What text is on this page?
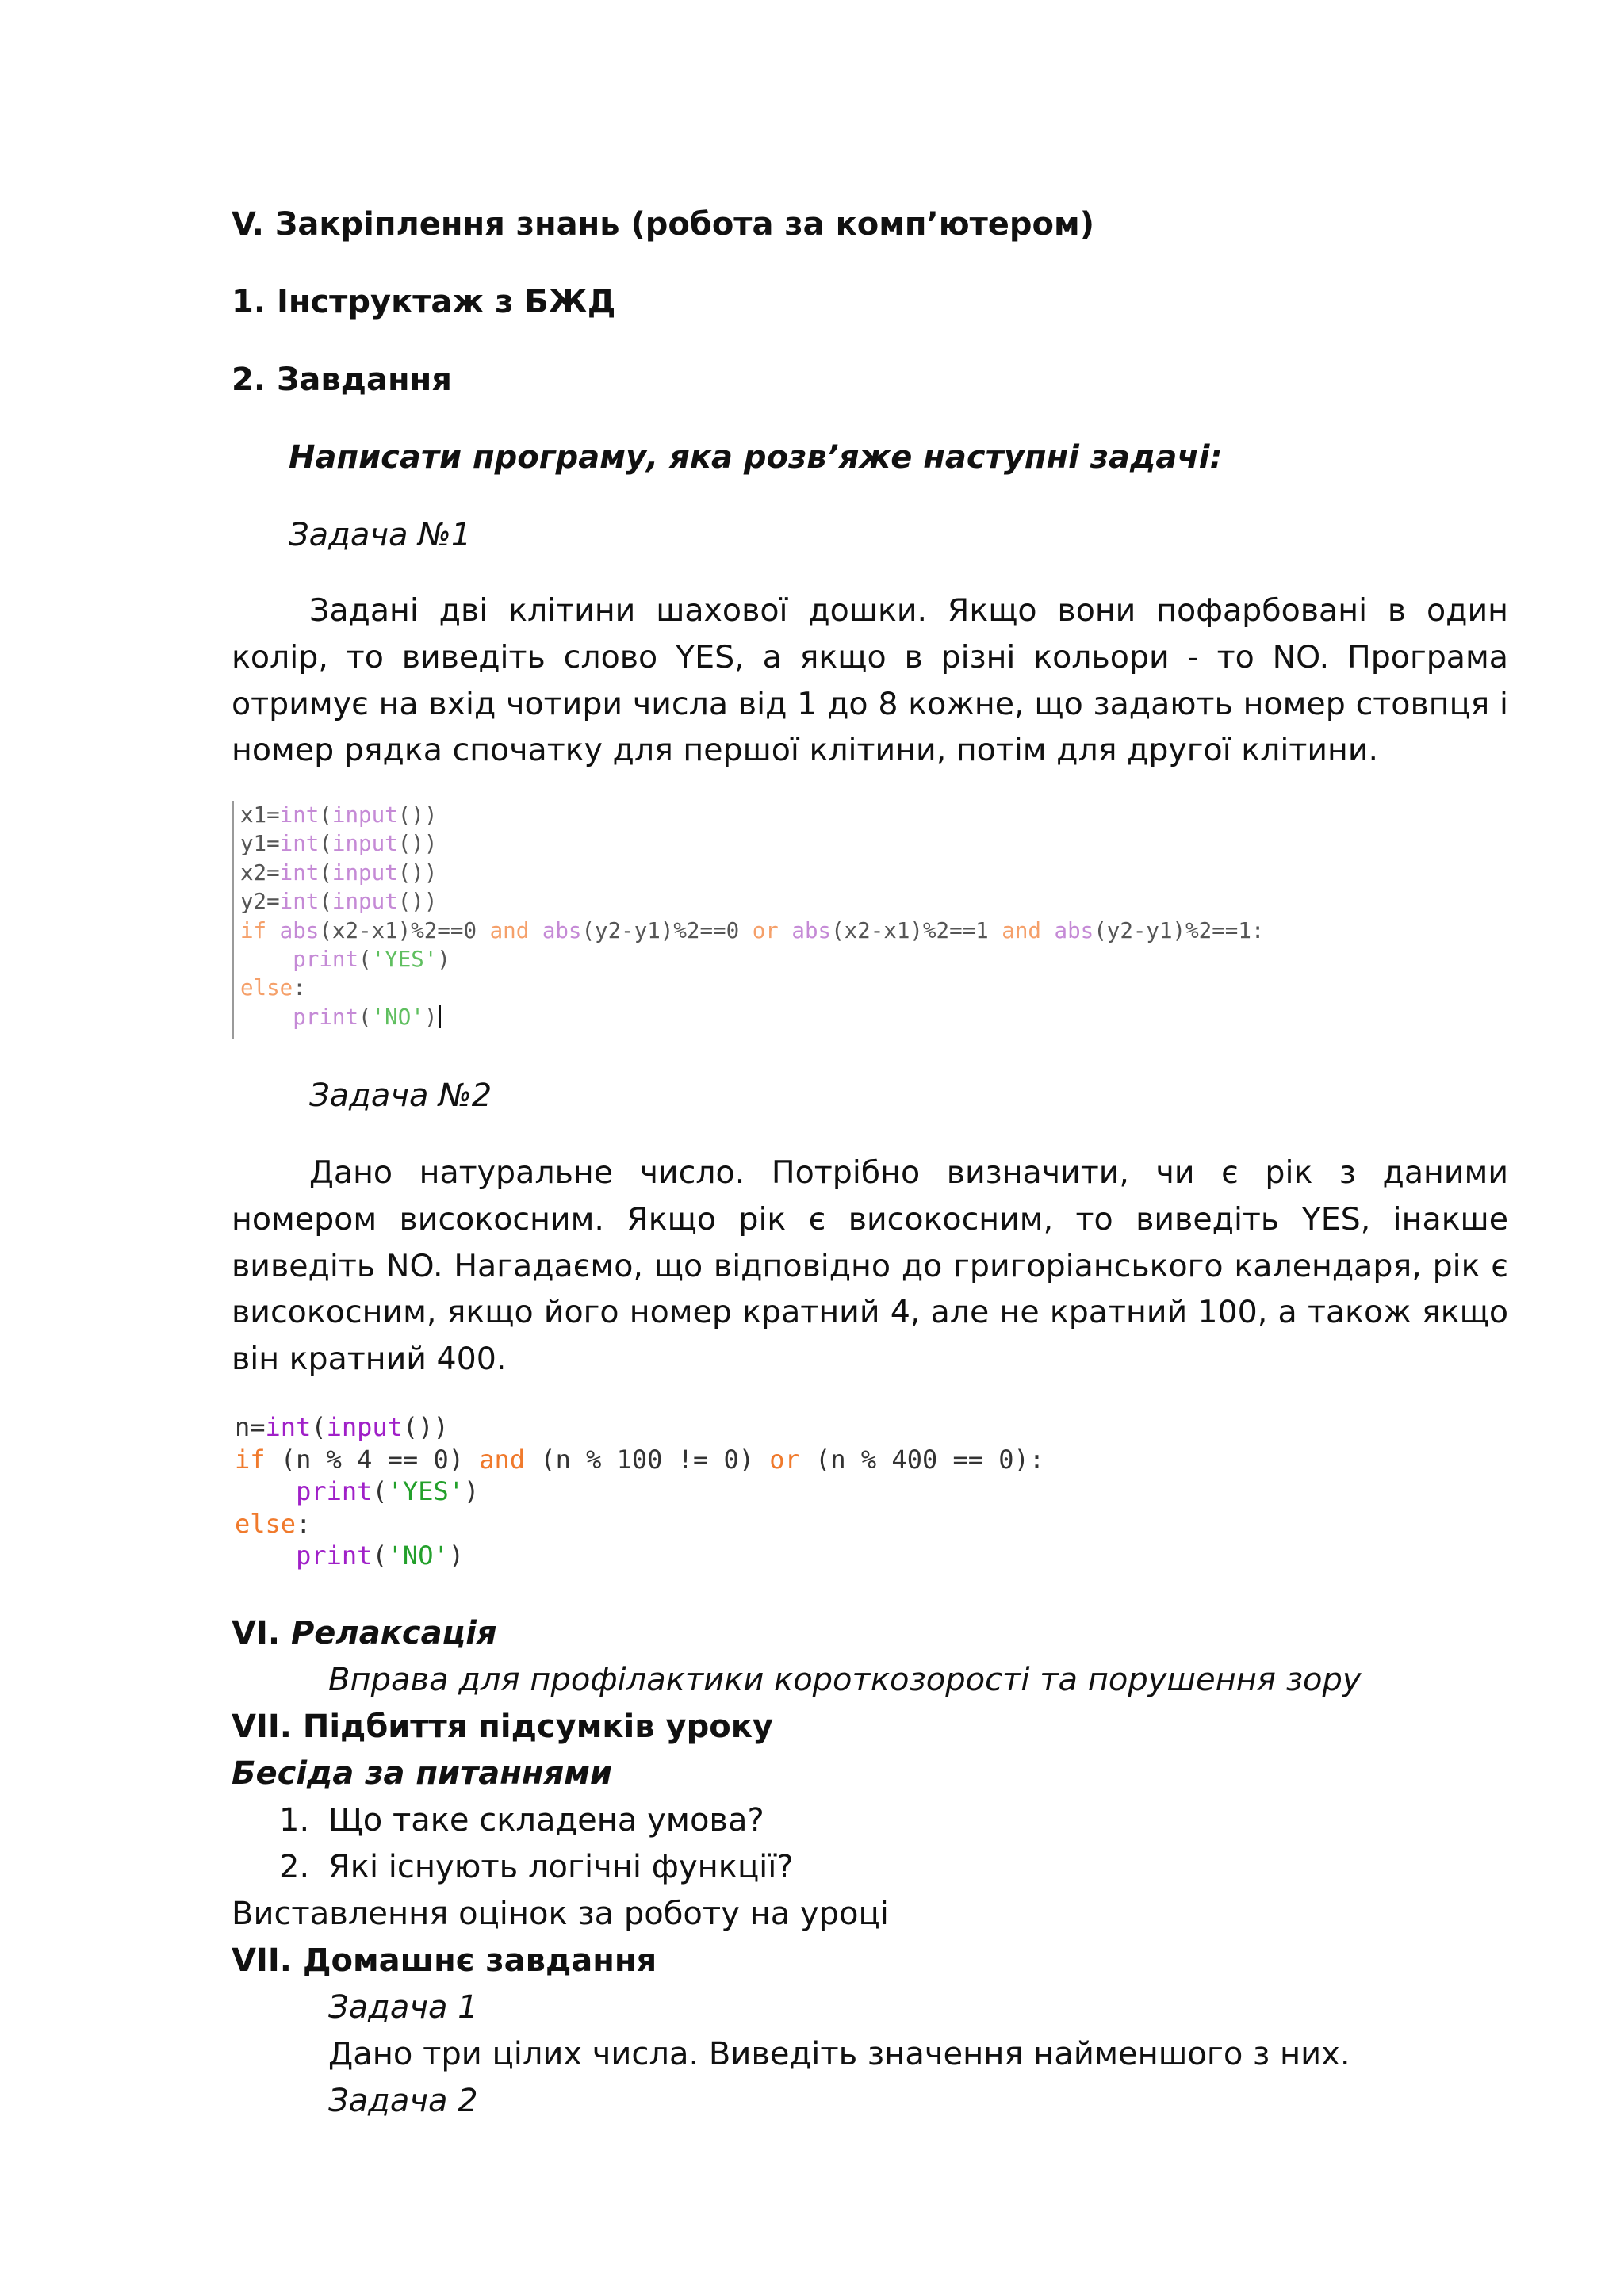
V. Закріплення знань (робота за комп’ютером)

1. Інструктаж з БЖД

2. Завдання

Написати програму, яка розв’яже наступні задачі:

Задача №1

Задані дві клітини шахової дошки. Якщо вони пофарбовані в один колір, то виведіть слово YES, а якщо в різні кольори - то NO. Програма отримує на вхід чотири числа від 1 до 8 кожне, що задають номер стовпця і номер рядка спочатку для першої клітини, потім для другої клітини.

x1=int(input())
y1=int(input())
x2=int(input())
y2=int(input())
if abs(x2-x1)%2==0 and abs(y2-y1)%2==0 or abs(x2-x1)%2==1 and abs(y2-y1)%2==1:
print('YES')
else:
print('NO')

Задача №2

Дано натуральне число. Потрібно визначити, чи є рік з даними номером високосним. Якщо рік є високосним, то виведіть YES, інакше виведіть NO. Нагадаємо, що відповідно до григоріанського календаря, рік є високосним, якщо його номер кратний 4, але не кратний 100, а також якщо він кратний 400.

n=int(input())
if (n % 4 == 0) and (n % 100 != 0) or (n % 400 == 0):
print('YES')
else:
print('NO')

VI. Релаксація

Вправа для профілактики короткозорості та порушення зору

VII. Підбиття підсумків уроку

Бесіда за питаннями

1. Що таке складена умова?
2. Які існують логічні функції?

Виставлення оцінок за роботу на уроці

VII. Домашнє завдання

Задача 1

Дано три цілих числа. Виведіть значення найменшого з них.

Задача 2
